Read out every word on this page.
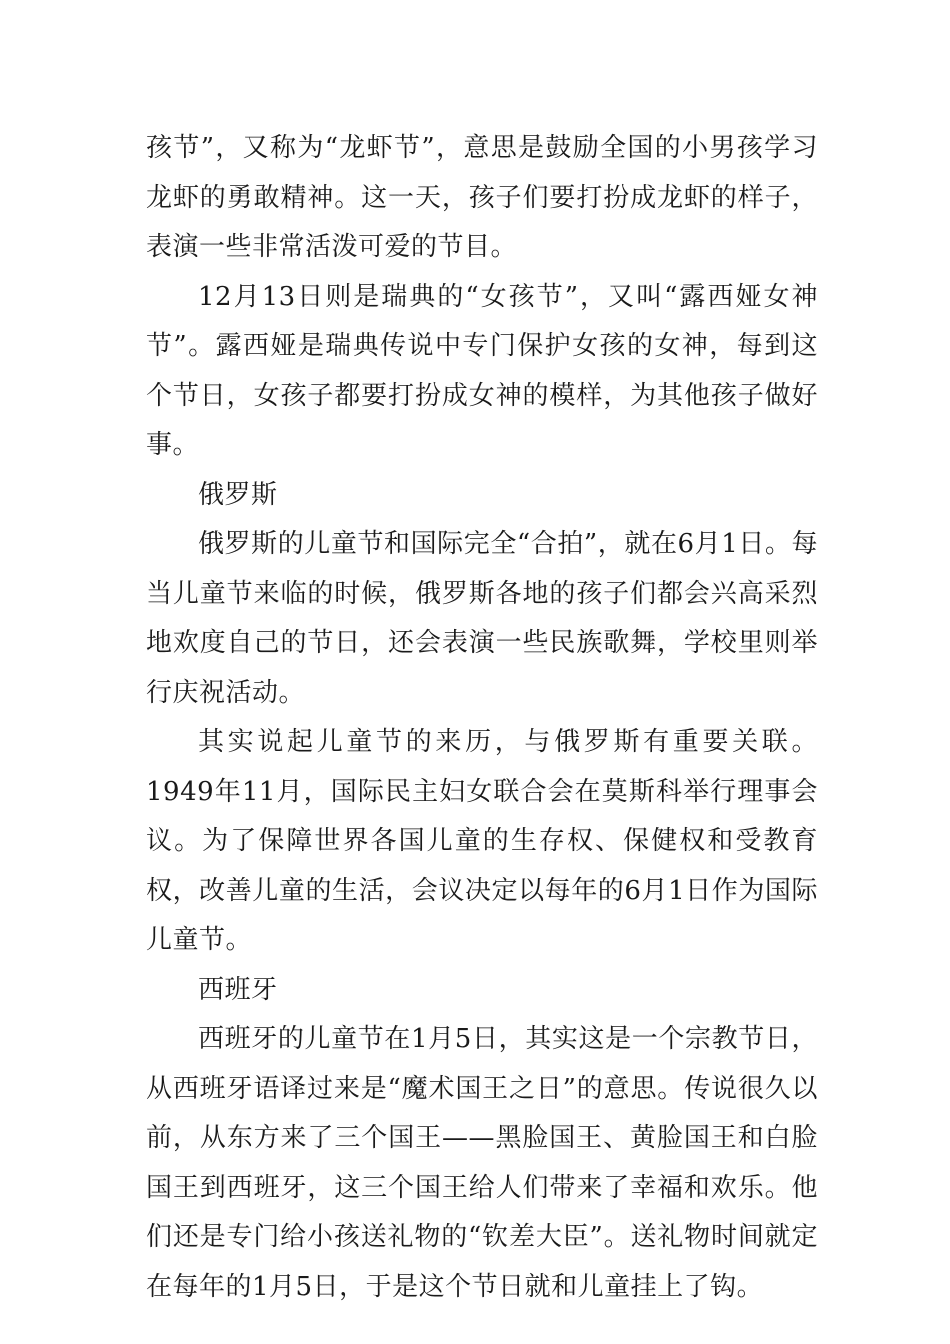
孩节”，又称为“龙虾节”，意思是鼓励全国的小男孩学习龙虾的勇敢精神。这一天，孩子们要打扮成龙虾的样子，表演一些非常活泼可爱的节目。

12月13日则是瑞典的“女孩节”，又叫“露西娅女神节”。露西娅是瑞典传说中专门保护女孩的女神，每到这个节日，女孩子都要打扮成女神的模样，为其他孩子做好事。

俄罗斯

俄罗斯的儿童节和国际完全“合拍”，就在6月1日。每当儿童节来临的时候，俄罗斯各地的孩子们都会兴高采烈地欢度自己的节日，还会表演一些民族歌舞，学校里则举行庆祝活动。

其实说起儿童节的来历，与俄罗斯有重要关联。1949年11月，国际民主妇女联合会在莫斯科举行理事会议。为了保障世界各国儿童的生存权、保健权和受教育权，改善儿童的生活，会议决定以每年的6月1日作为国际儿童节。

西班牙

西班牙的儿童节在1月5日，其实这是一个宗教节日，从西班牙语译过来是“魔术国王之日”的意思。传说很久以前，从东方来了三个国王——黑脸国王、黄脸国王和白脸国王到西班牙，这三个国王给人们带来了幸福和欢乐。他们还是专门给小孩送礼物的“钦差大臣”。送礼物时间就定在每年的1月5日，于是这个节日就和儿童挂上了钩。
